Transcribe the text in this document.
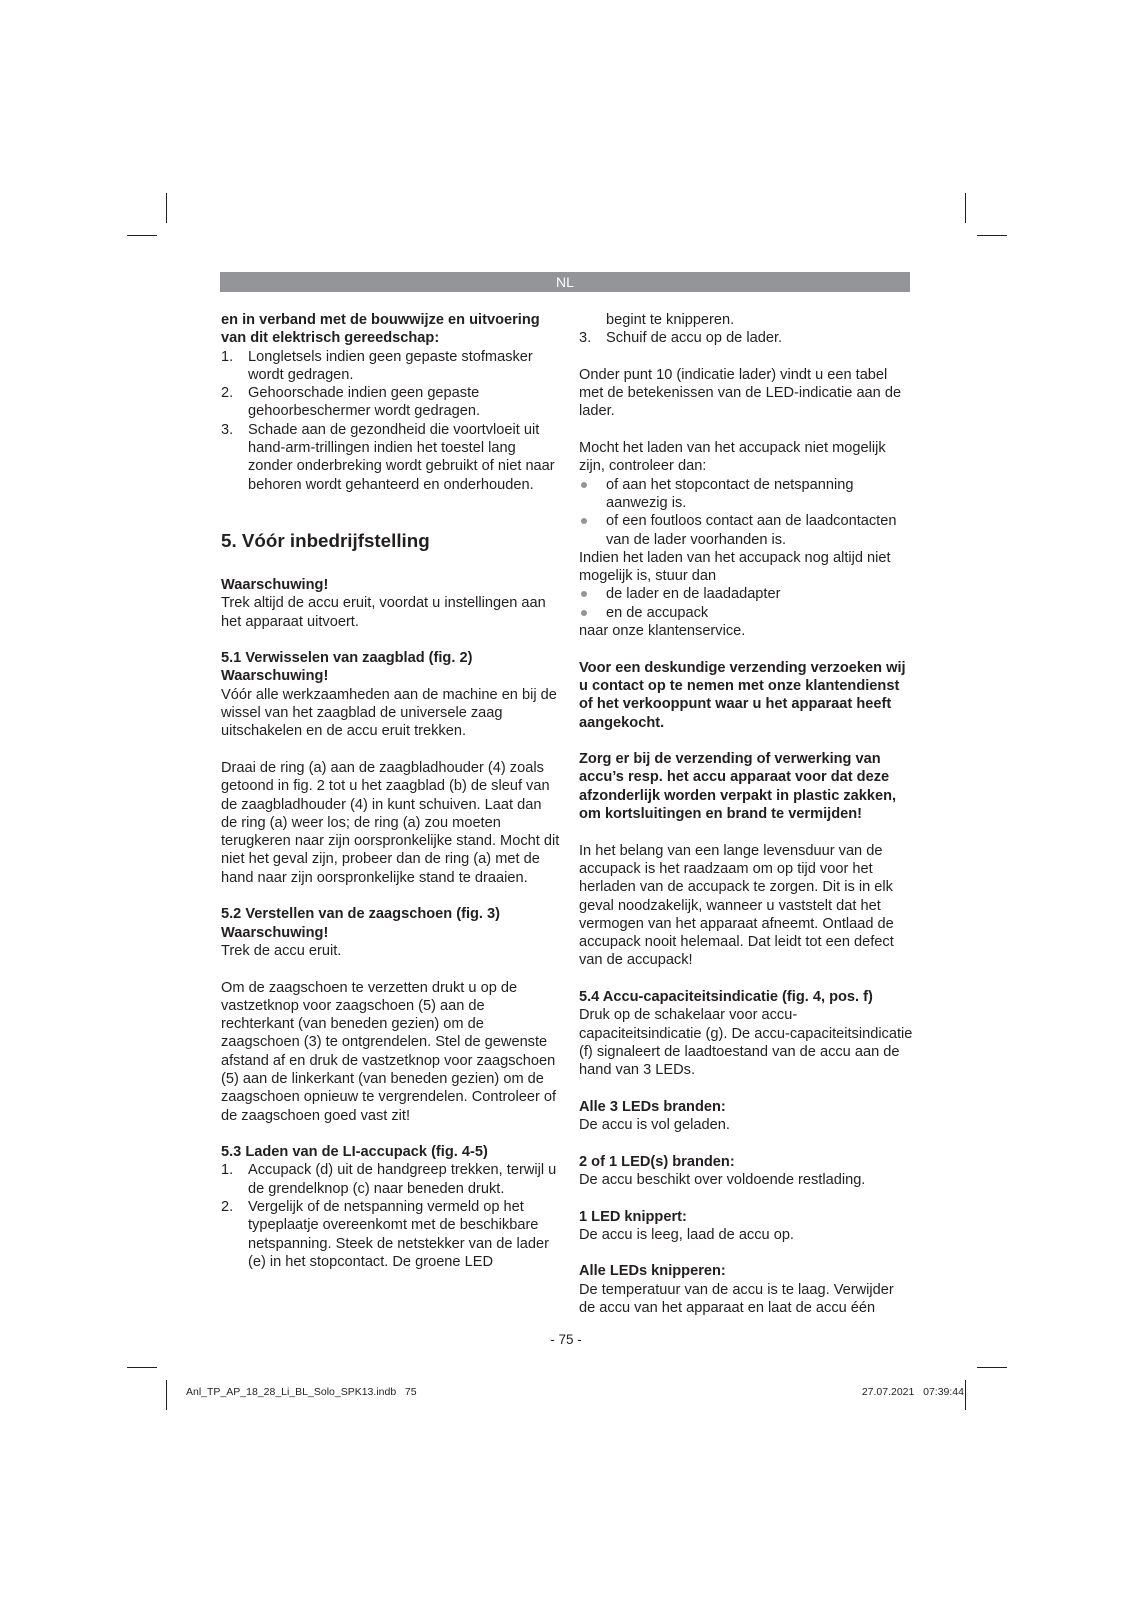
NL

en in verband met de bouwwijze en uitvoering van dit elektrisch gereedschap:

1. Longletsels indien geen gepaste stofmasker wordt gedragen.
2. Gehoorschade indien geen gepaste gehoorbeschermer wordt gedragen.
3. Schade aan de gezondheid die voortvloeit uit hand-arm-trillingen indien het toestel lang zonder onderbreking wordt gebruikt of niet naar behoren wordt gehanteerd en onderhouden.
5. Vóór inbedrijfstelling

Waarschuwing!

Trek altijd de accu eruit, voordat u instellingen aan het apparaat uitvoert.

5.1 Verwisselen van zaagblad (fig. 2)

Waarschuwing!

Vóór alle werkzaamheden aan de machine en bij de wissel van het zaagblad de universele zaag uitschakelen en de accu eruit trekken.

Draai de ring (a) aan de zaagbladhouder (4) zoals getoond in fig. 2 tot u het zaagblad (b) de sleuf van de zaagbladhouder (4) in kunt schuiven. Laat dan de ring (a) weer los; de ring (a) zou moeten terugkeren naar zijn oorspronkelijke stand. Mocht dit niet het geval zijn, probeer dan de ring (a) met de hand naar zijn oorspronkelijke stand te draaien.

5.2 Verstellen van de zaagschoen (fig. 3)

Waarschuwing!

Trek de accu eruit.

Om de zaagschoen te verzetten drukt u op de vastzetknop voor zaagschoen (5) aan de rechterkant (van beneden gezien) om de zaagschoen (3) te ontgrendelen. Stel de gewenste afstand af en druk de vastzetknop voor zaagschoen (5) aan de linkerkant (van beneden gezien) om de zaagschoen opnieuw te vergrendelen. Controleer of de zaagschoen goed vast zit!

5.3 Laden van de LI-accupack (fig. 4-5)

1. Accupack (d) uit de handgreep trekken, terwijl u de grendelknop (c) naar beneden drukt.
2. Vergelijk of de netspanning vermeld op het typeplaatje overeenkomt met de beschikbare netspanning. Steek de netstekker van de lader (e) in het stopcontact. De groene LED
begint te knipperen.
3. Schuif de accu op de lader.

Onder punt 10 (indicatie lader) vindt u een tabel met de betekenissen van de LED-indicatie aan de lader.

Mocht het laden van het accupack niet mogelijk zijn, controleer dan:

of aan het stopcontact de netspanning aanwezig is.
of een foutloos contact aan de laadcontacten van de lader voorhanden is.

Indien het laden van het accupack nog altijd niet mogelijk is, stuur dan

de lader en de laadadapter
en de accupack

naar onze klantenservice.

Voor een deskundige verzending verzoeken wij u contact op te nemen met onze klantendienst of het verkooppunt waar u het apparaat heeft aangekocht.

Zorg er bij de verzending of verwerking van accu’s resp. het accu apparaat voor dat deze afzonderlijk worden verpakt in plastic zakken, om kortsluitingen en brand te vermijden!

In het belang van een lange levensduur van de accupack is het raadzaam om op tijd voor het herladen van de accupack te zorgen. Dit is in elk geval noodzakelijk, wanneer u vaststelt dat het vermogen van het apparaat afneemt. Ontlaad de accupack nooit helemaal. Dat leidt tot een defect van de accupack!

5.4 Accu-capaciteitsindicatie (fig. 4, pos. f)

Druk op de schakelaar voor accu-capaciteitsindicatie (g). De accu-capaciteitsindicatie (f) signaleert de laadtoestand van de accu aan de hand van 3 LEDs.

Alle 3 LEDs branden:

De accu is vol geladen.

2 of 1 LED(s) branden:

De accu beschikt over voldoende restlading.

1 LED knippert:

De accu is leeg, laad de accu op.

Alle LEDs knipperen:

De temperatuur van de accu is te laag. Verwijder de accu van het apparaat en laat de accu één

- 75 -
Anl_TP_AP_18_28_Li_BL_Solo_SPK13.indb   75	27.07.2021   07:39:44
